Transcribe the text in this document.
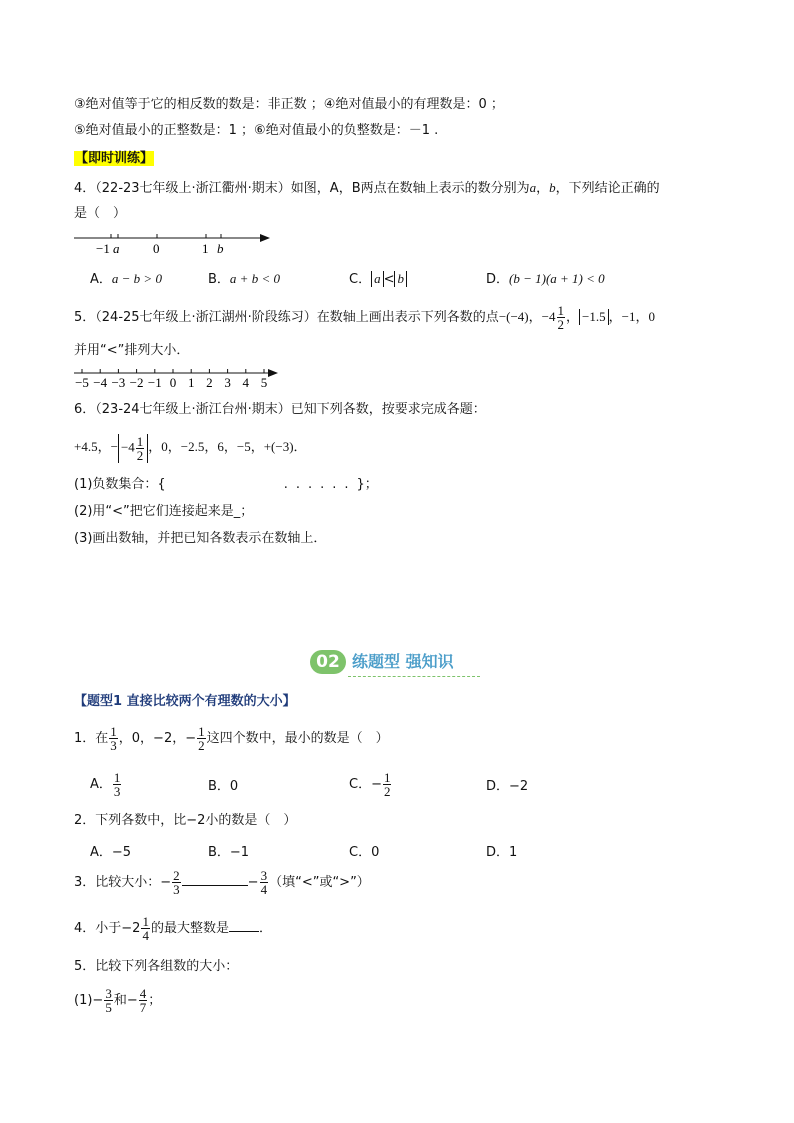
③绝对值等于它的相反数的数是：非正数 ；④绝对值最小的有理数是：0 ；
⑤绝对值最小的正整数是：1 ；⑥绝对值最小的负整数是：－1 .
【即时训练】
4．（22-23七年级上·浙江衢州·期末）如图，A，B两点在数轴上表示的数分别为a，b，下列结论正确的
是（　）
−1 a	0	1 b
A．a − b > 0	B．a + b < 0	C． a < b	D．(b − 1)(a + 1) < 0
5．（24-25七年级上·浙江湖州·阶段练习）在数轴上画出表示下列各数的点−(−4)，$-4 \frac{1}{2}$ ， −1.5 ，−1，0
并用“<”排列大小．
−5 −4 −3 −2 −1 0 1 2 3 4 5
6．（23-24七年级上·浙江台州·期末）已知下列各数，按要求完成各题：
+4.5，− $-4 \frac{1}{2}$ ，0，−2.5，6，−5，+(−3)．
(1)负数集合：{	......}；
(2)用“<”把它们连接起来是_；
(3)画出数轴，并把已知各数表示在数轴上．
02 练题型 强知识
【题型1 直接比较两个有理数的大小】
1．在 $\frac{1}{3}$ ，0，−2，− $\frac{1}{2}$ 这四个数中，最小的数是（　）
A． $\frac{1}{3}$	B．0	C．− $\frac{1}{2}$	D．−2
2．下列各数中，比−2小的数是（　）
A．−5	B．−1	C．0	D．1
3．比较大小：− $\frac{2}{3}$	− $\frac{3}{4}$ （填“<”或“>”）
4．小于$-2 \frac{1}{4}$ 的最大整数是 ．
5．比较下列各组数的大小：
$(1)- \frac{3}{5}$ 和− $\frac{4}{7}$ ；
